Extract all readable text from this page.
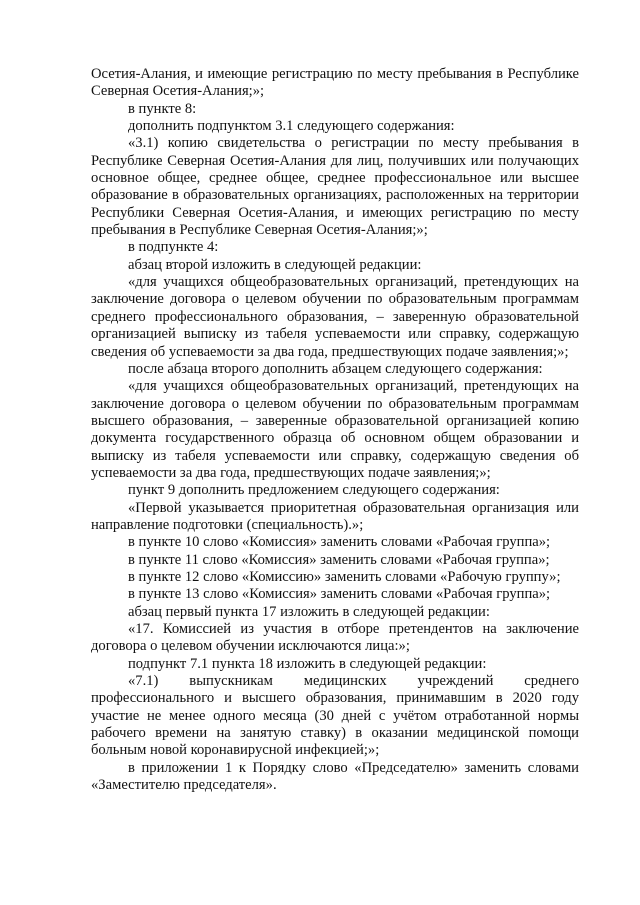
Осетия-Алания, и имеющие регистрацию по месту пребывания в Республике Северная Осетия-Алания;»;

в пункте 8:

дополнить подпунктом 3.1 следующего содержания:

«3.1) копию свидетельства о регистрации по месту пребывания в Республике Северная Осетия-Алания для лиц, получивших или получающих основное общее, среднее общее, среднее профессиональное или высшее образование в образовательных организациях, расположенных на территории Республики Северная Осетия-Алания, и имеющих регистрацию по месту пребывания в Республике Северная Осетия-Алания;»;

в подпункте 4:

абзац второй изложить в следующей редакции:

«для учащихся общеобразовательных организаций, претендующих на заключение договора о целевом обучении по образовательным программам среднего профессионального образования, – заверенную образовательной организацией выписку из табеля успеваемости или справку, содержащую сведения об успеваемости за два года, предшествующих подаче заявления;»;

после абзаца второго дополнить абзацем следующего содержания:

«для учащихся общеобразовательных организаций, претендующих на заключение договора о целевом обучении по образовательным программам высшего образования, – заверенные образовательной организацией копию документа государственного образца об основном общем образовании и выписку из табеля успеваемости или справку, содержащую сведения об успеваемости за два года, предшествующих подаче заявления;»;

пункт 9 дополнить предложением следующего содержания:

«Первой указывается приоритетная образовательная организация или направление подготовки (специальность).»;

в пункте 10 слово «Комиссия» заменить словами «Рабочая группа»;

в пункте 11 слово «Комиссия» заменить словами «Рабочая группа»;

в пункте 12 слово «Комиссию» заменить словами «Рабочую группу»;

в пункте 13 слово «Комиссия» заменить словами «Рабочая группа»;

абзац первый пункта 17 изложить в следующей редакции:

«17. Комиссией из участия в отборе претендентов на заключение договора о целевом обучении исключаются лица:»;

подпункт 7.1 пункта 18 изложить в следующей редакции:

«7.1) выпускникам медицинских учреждений среднего профессионального и высшего образования, принимавшим в 2020 году участие не менее одного месяца (30 дней с учётом отработанной нормы рабочего времени на занятую ставку) в оказании медицинской помощи больным новой коронавирусной инфекцией;»;

в приложении 1 к Порядку слово «Председателю» заменить словами «Заместителю председателя».
